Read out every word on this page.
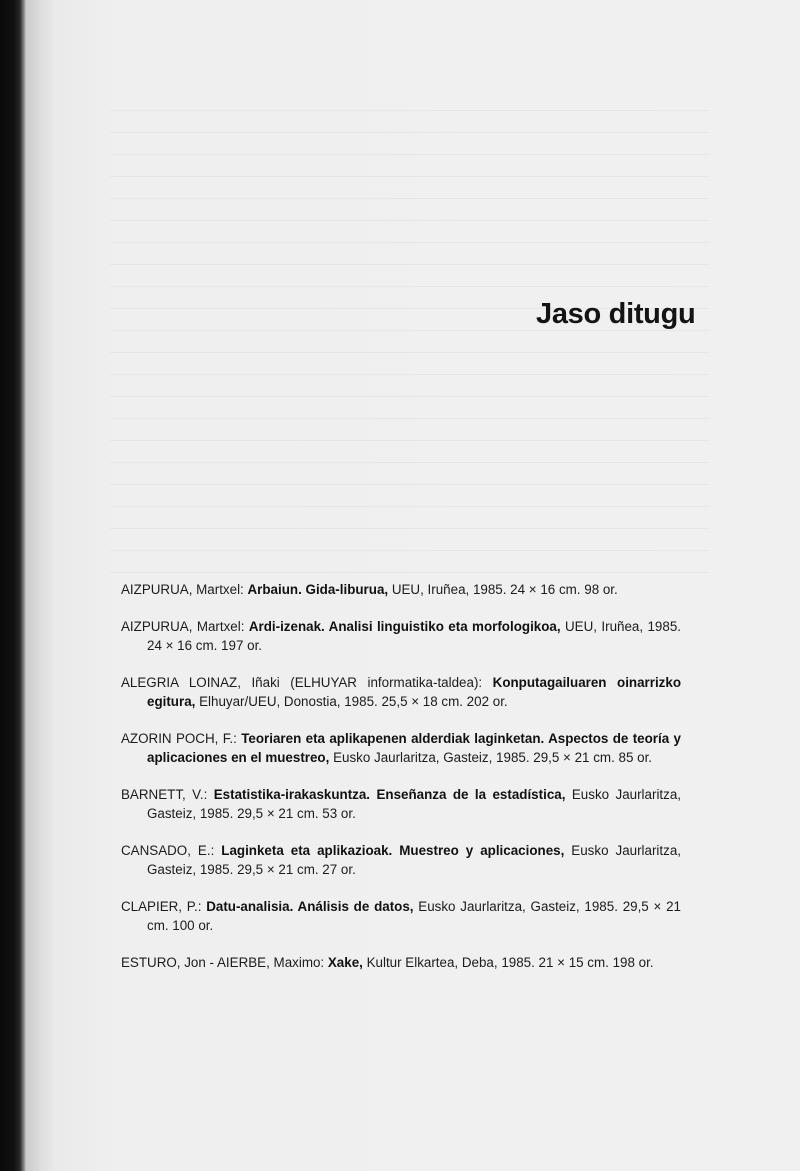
Jaso ditugu
AIZPURUA, Martxel: Arbaiun. Gida-liburua, UEU, Iruñea, 1985. 24 × 16 cm. 98 or.
AIZPURUA, Martxel: Ardi-izenak. Analisi linguistiko eta morfologikoa, UEU, Iruñea, 1985. 24 × 16 cm. 197 or.
ALEGRIA LOINAZ, Iñaki (ELHUYAR informatika-taldea): Konputagailuaren oinarrizko egitura, Elhuyar/UEU, Donostia, 1985. 25,5 × 18 cm. 202 or.
AZORIN POCH, F.: Teoriaren eta aplikapenen alderdiak laginketan. Aspectos de teoría y aplicaciones en el muestreo, Eusko Jaurlaritza, Gasteiz, 1985. 29,5 × 21 cm. 85 or.
BARNETT, V.: Estatistika-irakaskuntza. Enseñanza de la estadística, Eusko Jaurlaritza, Gasteiz, 1985. 29,5 × 21 cm. 53 or.
CANSADO, E.: Laginketa eta aplikazioak. Muestreo y aplicaciones, Eusko Jaurlaritza, Gasteiz, 1985. 29,5 × 21 cm. 27 or.
CLAPIER, P.: Datu-analisia. Análisis de datos, Eusko Jaurlaritza, Gasteiz, 1985. 29,5 × 21 cm. 100 or.
ESTURO, Jon - AIERBE, Maximo: Xake, Kultur Elkartea, Deba, 1985. 21 × 15 cm. 198 or.
